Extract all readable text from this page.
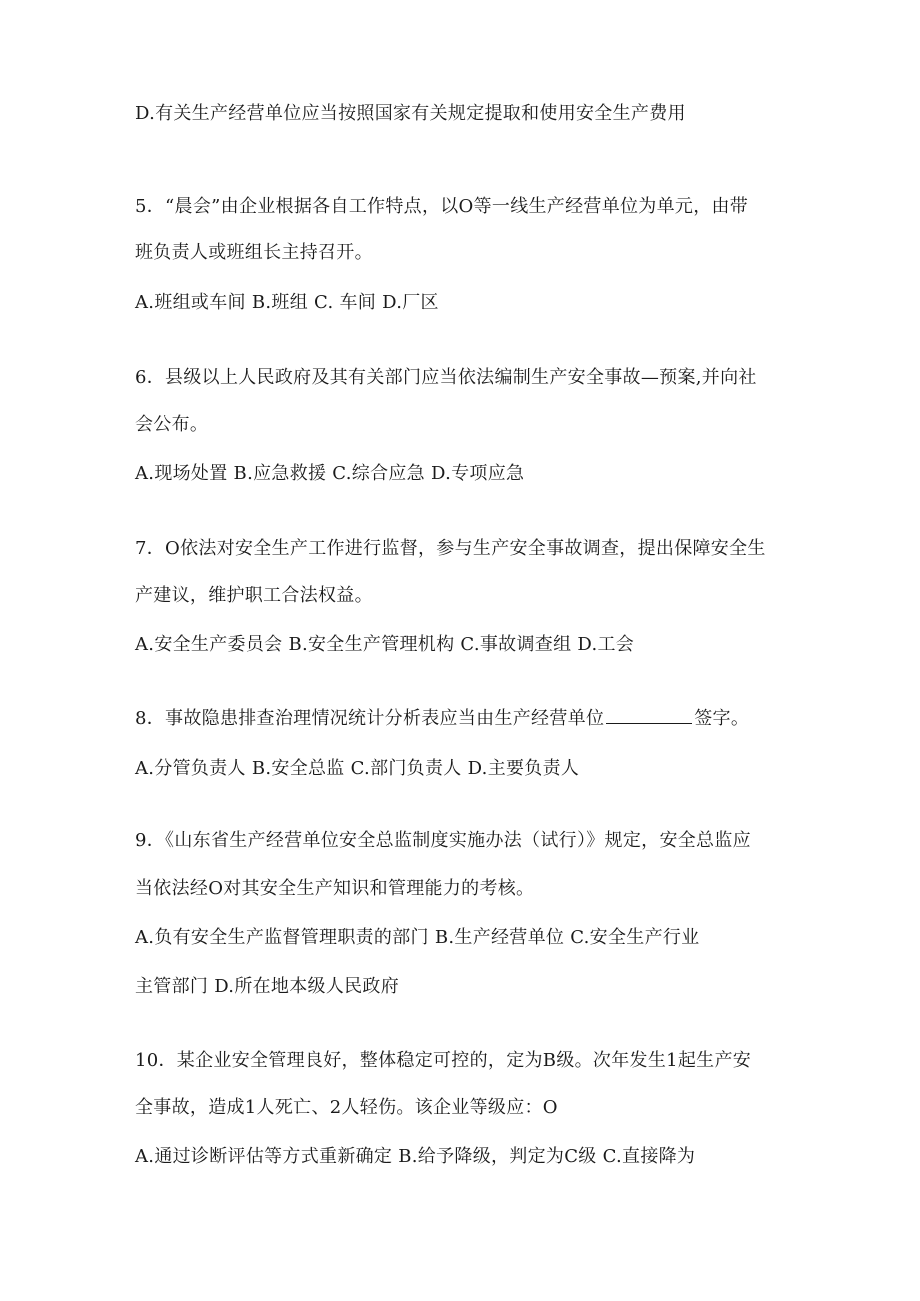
D.有关生产经营单位应当按照国家有关规定提取和使用安全生产费用
5．“晨会”由企业根据各自工作特点，以O等一线生产经营单位为单元，由带
班负责人或班组长主持召开。
A.班组或车间 B.班组 C. 车间 D.厂区
6．县级以上人民政府及其有关部门应当依法编制生产安全事故—预案,并向社
会公布。
A.现场处置 B.应急救援 C.综合应急 D.专项应急
7．O依法对安全生产工作进行监督，参与生产安全事故调查，提出保障安全生
产建议，维护职工合法权益。
A.安全生产委员会 B.安全生产管理机构 C.事故调查组 D.工会
8．事故隐患排查治理情况统计分析表应当由生产经营单位	签字。
A.分管负责人 B.安全总监 C.部门负责人 D.主要负责人
9．《山东省生产经营单位安全总监制度实施办法（试行）》规定，安全总监应
当依法经O对其安全生产知识和管理能力的考核。
A.负有安全生产监督管理职责的部门 B.生产经营单位 C.安全生产行业
主管部门 D.所在地本级人民政府
10．某企业安全管理良好，整体稳定可控的，定为B级。次年发生1起生产安
全事故，造成1人死亡、2人轻伤。该企业等级应：O
A.通过诊断评估等方式重新确定 B.给予降级，判定为C级 C.直接降为
